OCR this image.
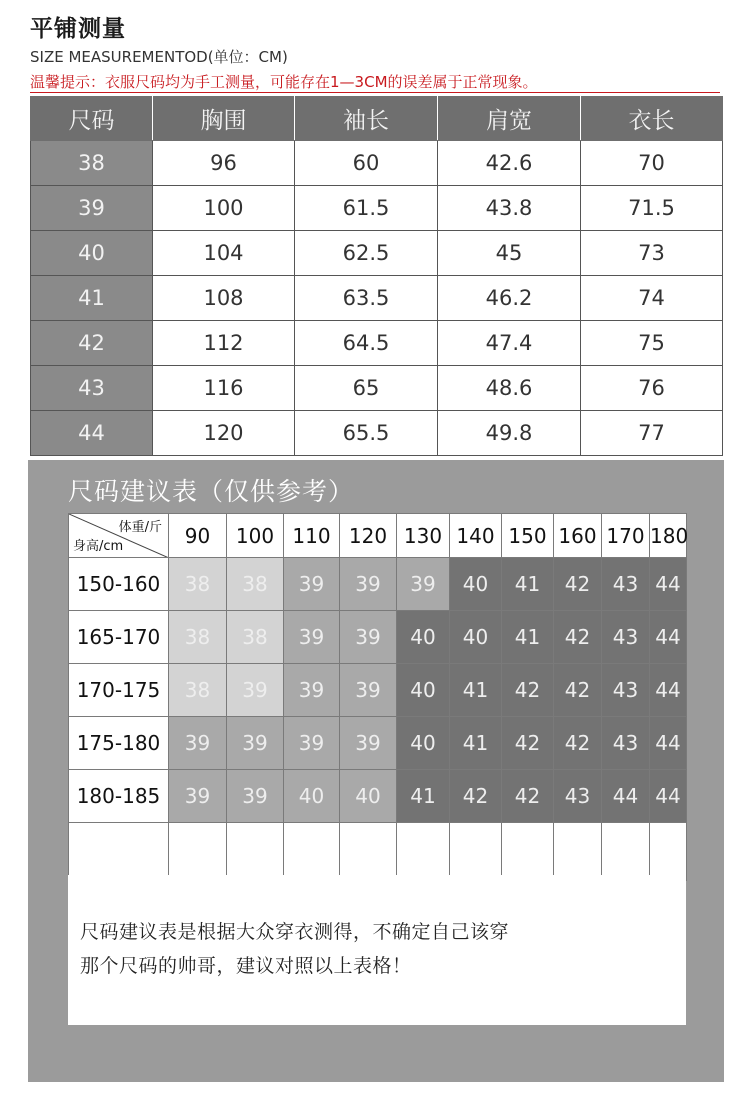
平铺测量
SIZE MEASUREMENTOD(单位：CM)
温馨提示：衣服尺码均为手工测量，可能存在1—3CM的误差属于正常现象。
尺码	胸围	袖长	肩宽	衣长
38	96	60	42.6	70
39	100	61.5	43.8	71.5
40	104	62.5	45	73
41	108	63.5	46.2	74
42	112	64.5	47.4	75
43	116	65	48.6	76
44	120	65.5	49.8	77
尺码建议表（仅供参考）
体重/斤
身高/cm	90	100	110	120	130	140	150	160	170	180
150-160	38	38	39	39	39	40	41	42	43	44
165-170	38	38	39	39	40	40	41	42	43	44
170-175	38	39	39	39	40	41	42	42	43	44
175-180	39	39	39	39	40	41	42	42	43	44
180-185	39	39	40	40	41	42	42	43	44	44

尺码建议表是根据大众穿衣测得，不确定自己该穿

那个尺码的帅哥，建议对照以上表格！
